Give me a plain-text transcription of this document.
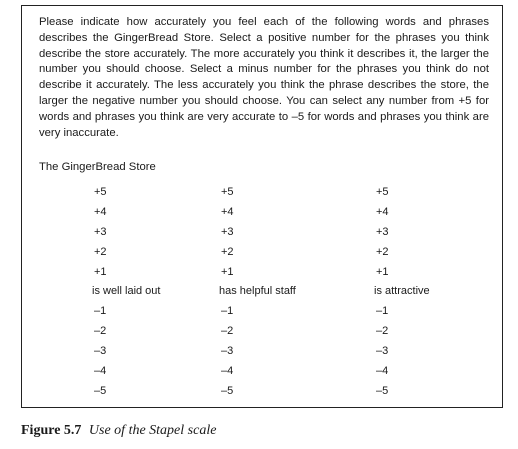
Please indicate how accurately you feel each of the following words and phrases describes the GingerBread Store. Select a positive number for the phrases you think describe the store accurately. The more accurately you think it describes it, the larger the number you should choose. Select a minus number for the phrases you think do not describe it accurately. The less accurately you think the phrase describes the store, the larger the negative number you should choose. You can select any number from +5 for words and phrases you think are very accurate to –5 for words and phrases you think are very inaccurate.

The GingerBread Store

+5
+4
+3
+2
+1
is well laid out
–1
–2
–3
–4
–5
+5
+4
+3
+2
+1
has helpful staff
–1
–2
–3
–4
–5
+5
+4
+3
+2
+1
is attractive
–1
–2
–3
–4
–5

Figure 5.7 Use of the Stapel scale
